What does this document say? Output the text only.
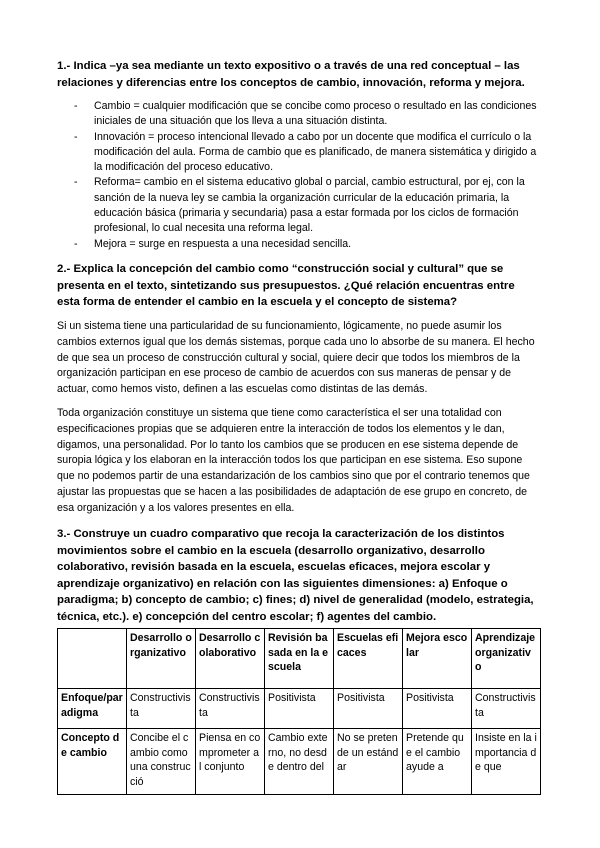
1.- Indica –ya sea mediante un texto expositivo o a través de una red conceptual – las relaciones y diferencias entre los conceptos de cambio, innovación, reforma y mejora.

- Cambio = cualquier modificación que se concibe como proceso o resultado en las condiciones iniciales de una situación que los lleva a una situación distinta.
- Innovación = proceso intencional llevado a cabo por un docente que modifica el currículo o la modificación del aula. Forma de cambio que es planificado, de manera sistemática y dirigido a la modificación del proceso educativo.
- Reforma= cambio en el sistema educativo global o parcial, cambio estructural, por ej, con la sanción de la nueva ley se cambia la organización curricular de la educación primaria, la educación básica (primaria y secundaria) pasa a estar formada por los ciclos de formación profesional, lo cual necesita una reforma legal.
- Mejora = surge en respuesta a una necesidad sencilla.

2.- Explica la concepción del cambio como “construcción social y cultural” que se presenta en el texto, sintetizando sus presupuestos. ¿Qué relación encuentras entre esta forma de entender el cambio en la escuela y el concepto de sistema?

Si un sistema tiene una particularidad de su funcionamiento, lógicamente, no puede asumir los cambios externos igual que los demás sistemas, porque cada uno lo absorbe de su manera. El hecho de que sea un proceso de construcción cultural y social, quiere decir que todos los miembros de la organización participan en ese proceso de cambio de acuerdos con sus maneras de pensar y de actuar, como hemos visto, definen a las escuelas como distintas de las demás.

Toda organización constituye un sistema que tiene como característica el ser una totalidad con especificaciones propias que se adquieren entre la interacción de todos los elementos y le dan, digamos, una personalidad. Por lo tanto los cambios que se producen en ese sistema depende de suropia lógica y los elaboran en la interacción todos los que participan en ese sistema. Eso supone que no podemos partir de una estandarización de los cambios sino que por el contrario tenemos que ajustar las propuestas que se hacen a las posibilidades de adaptación de ese grupo en concreto, de esa organización y a los valores presentes en ella.

3.- Construye un cuadro comparativo que recoja la caracterización de los distintos movimientos sobre el cambio en la escuela (desarrollo organizativo, desarrollo colaborativo, revisión basada en la escuela, escuelas eficaces, mejora escolar y aprendizaje organizativo) en relación con las siguientes dimensiones: a) Enfoque o paradigma; b) concepto de cambio; c) fines; d) nivel de generalidad (modelo, estrategia, técnica, etc.). e) concepción del centro escolar; f) agentes del cambio.

	Desarrollo organizativo	Desarrollo colaborativo	Revisión basada en la escuela	Escuelas eficaces	Mejora escolar	Aprendizaje organizativo
Enfoque/paradigma	Constructivista	Constructivista	Positivista	Positivista	Positivista	Constructivista
Concepto de cambio	Concibe el cambio como una construcció	Piensa en comprometer al conjunto	Cambio externo, no desde dentro del	No se pretende un estándar	Pretende que el cambio ayude a	Insiste en la importancia de que
